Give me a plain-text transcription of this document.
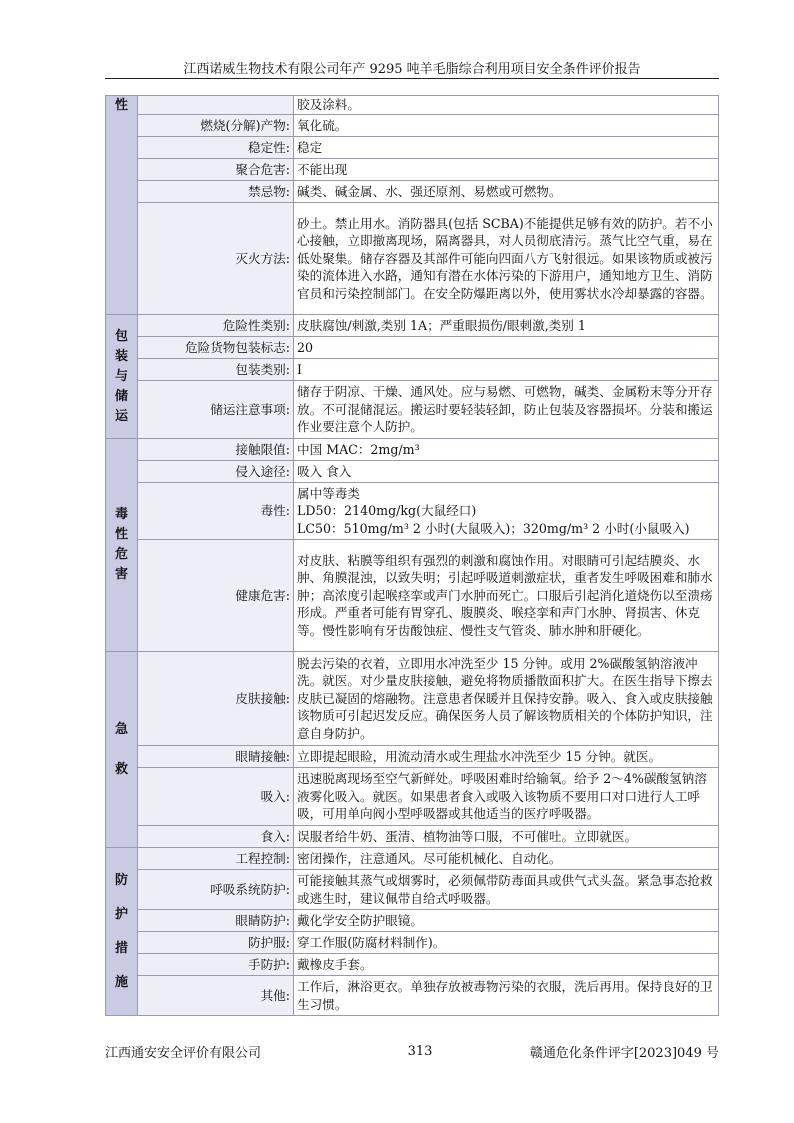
江西诺威生物技术有限公司年产 9295 吨羊毛脂综合利用项目安全条件评价报告
性		胶及涂料。
	燃烧(分解)产物:	氧化硫。
	稳定性:	稳定
	聚合危害:	不能出现
	禁忌物:	碱类、碱金属、水、强还原剂、易燃或可燃物。
	灭火方法:	砂土。禁止用水。消防器具(包括 SCBA)不能提供足够有效的防护。若不小心接触，立即撤离现场，隔离器具，对人员彻底清污。蒸气比空气重，易在低处聚集。储存容器及其部件可能向四面八方飞射很远。如果该物质或被污染的流体进入水路，通知有潜在水体污染的下游用户，通知地方卫生、消防官员和污染控制部门。在安全防爆距离以外，使用雾状水冷却暴露的容器。

包装
与储
运	危险性类别:	皮肤腐蚀/刺激,类别 1A；严重眼损伤/眼刺激,类别 1
	危险货物包装标志:	20
	包装类别:	Ⅰ
	储运注意事项:	储存于阴凉、干燥、通风处。应与易燃、可燃物，碱类、金属粉末等分开存放。不可混储混运。搬运时要轻装轻卸，防止包装及容器损坏。分装和搬运作业要注意个人防护。

毒性
危害	接触限值:	中国 MAC：2mg/m³
	侵入途径:	吸入 食入
	毒性:	属中等毒类
LD50：2140mg/kg(大鼠经口)
LC50：510mg/m³ 2 小时(大鼠吸入)；320mg/m³ 2 小时(小鼠吸入)

	健康危害:	对皮肤、粘膜等组织有强烈的刺激和腐蚀作用。对眼睛可引起结膜炎、水肿、角膜混浊，以致失明；引起呼吸道刺激症状，重者发生呼吸困难和肺水肿；高浓度引起喉痉挛或声门水肿而死亡。口服后引起消化道烧伤以至溃疡形成。严重者可能有胃穿孔、腹膜炎、喉痉挛和声门水肿、肾损害、休克等。慢性影响有牙齿酸蚀症、慢性支气管炎、肺水肿和肝硬化。

急
救	皮肤接触:	脱去污染的衣着，立即用水冲洗至少 15 分钟。或用 2%碳酸氢钠溶液冲洗。就医。对少量皮肤接触，避免将物质播散面积扩大。在医生指导下擦去皮肤已凝固的熔融物。注意患者保暖并且保持安静。吸入、食入或皮肤接触该物质可引起迟发反应。确保医务人员了解该物质相关的个体防护知识，注意自身防护。
	眼睛接触:	立即提起眼睑，用流动清水或生理盐水冲洗至少 15 分钟。就医。
	吸入:	迅速脱离现场至空气新鲜处。呼吸困难时给输氧。给予 2～4%碳酸氢钠溶液雾化吸入。就医。如果患者食入或吸入该物质不要用口对口进行人工呼吸，可用单向阀小型呼吸器或其他适当的医疗呼吸器。
	食入:	误服者给牛奶、蛋清、植物油等口服，不可催吐。立即就医。

防
护
措
施	工程控制:	密闭操作，注意通风。尽可能机械化、自动化。
	呼吸系统防护:	可能接触其蒸气或烟雾时，必须佩带防毒面具或供气式头盔。紧急事态抢救或逃生时，建议佩带自给式呼吸器。
	眼睛防护:	戴化学安全防护眼镜。
	防护服:	穿工作服(防腐材料制作)。
	手防护:	戴橡皮手套。
	其他:	工作后，淋浴更衣。单独存放被毒物污染的衣服，洗后再用。保持良好的卫生习惯。
江西通安安全评价有限公司	313	赣通危化条件评字[2023]049 号
